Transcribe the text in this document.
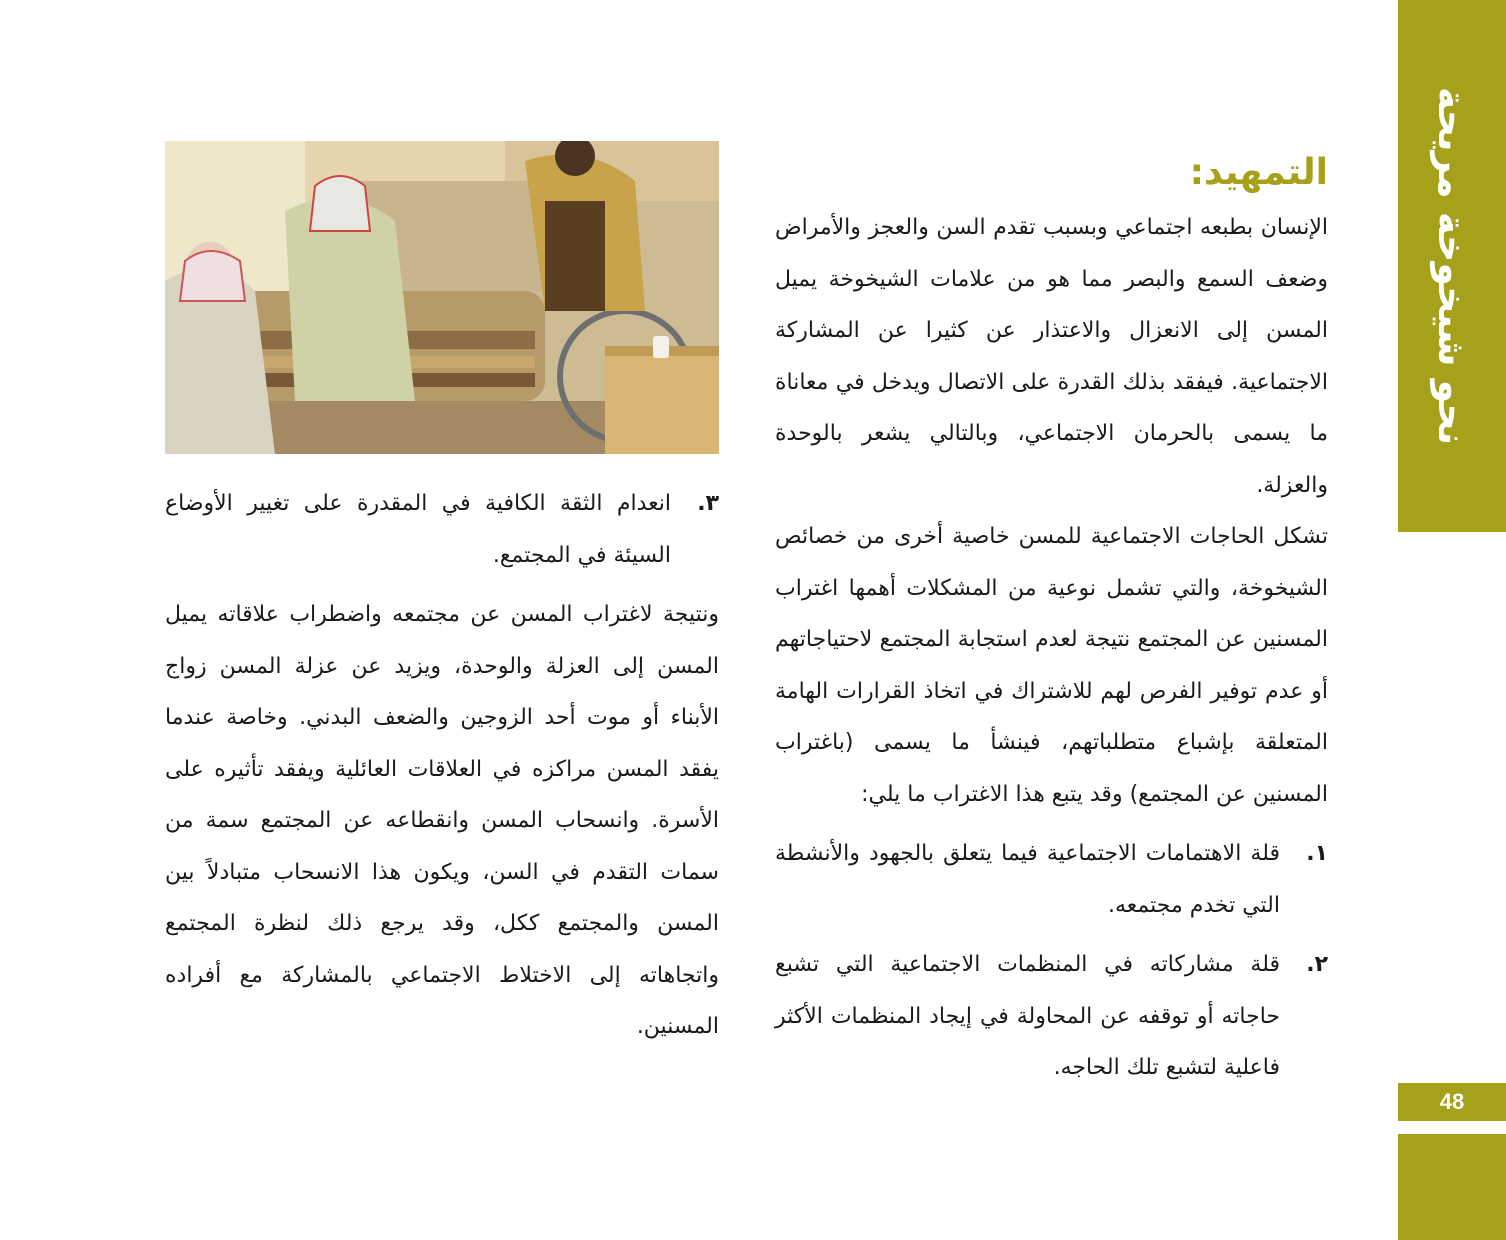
نحو شيخوخة مريحة
48
التمهيد:

الإنسان بطبعه اجتماعي وبسبب تقدم السن والعجز والأمراض وضعف السمع والبصر مما هو من علامات الشيخوخة يميل المسن إلى الانعزال والاعتذار عن كثيرا عن المشاركة الاجتماعية. فيفقد بذلك القدرة على الاتصال ويدخل في معاناة ما يسمى بالحرمان الاجتماعي، وبالتالي يشعر بالوحدة والعزلة.

تشكل الحاجات الاجتماعية للمسن خاصية أخرى من خصائص الشيخوخة، والتي تشمل نوعية من المشكلات أهمها اغتراب المسنين عن المجتمع نتيجة لعدم استجابة المجتمع لاحتياجاتهم أو عدم توفير الفرص لهم للاشتراك في اتخاذ القرارات الهامة المتعلقة بإشباع متطلباتهم، فينشأ ما يسمى (باغتراب المسنين عن المجتمع) وقد يتبع هذا الاغتراب ما يلي:

١.
قلة الاهتمامات الاجتماعية فيما يتعلق بالجهود والأنشطة التي تخدم مجتمعه.
٢.
قلة مشاركاته في المنظمات الاجتماعية التي تشبع حاجاته أو توقفه عن المحاولة في إيجاد المنظمات الأكثر فاعلية لتشبع تلك الحاجه.
٣.
انعدام الثقة الكافية في المقدرة على تغيير الأوضاع السيئة في المجتمع.

ونتيجة لاغتراب المسن عن مجتمعه واضطراب علاقاته يميل المسن إلى العزلة والوحدة، ويزيد عن عزلة المسن زواج الأبناء أو موت أحد الزوجين والضعف البدني. وخاصة عندما يفقد المسن مراكزه في العلاقات العائلية ويفقد تأثيره على الأسرة. وانسحاب المسن وانقطاعه عن المجتمع سمة من سمات التقدم في السن، ويكون هذا الانسحاب متبادلاً بين المسن والمجتمع ككل، وقد يرجع ذلك لنظرة المجتمع واتجاهاته إلى الاختلاط الاجتماعي بالمشاركة مع أفراده المسنين.
